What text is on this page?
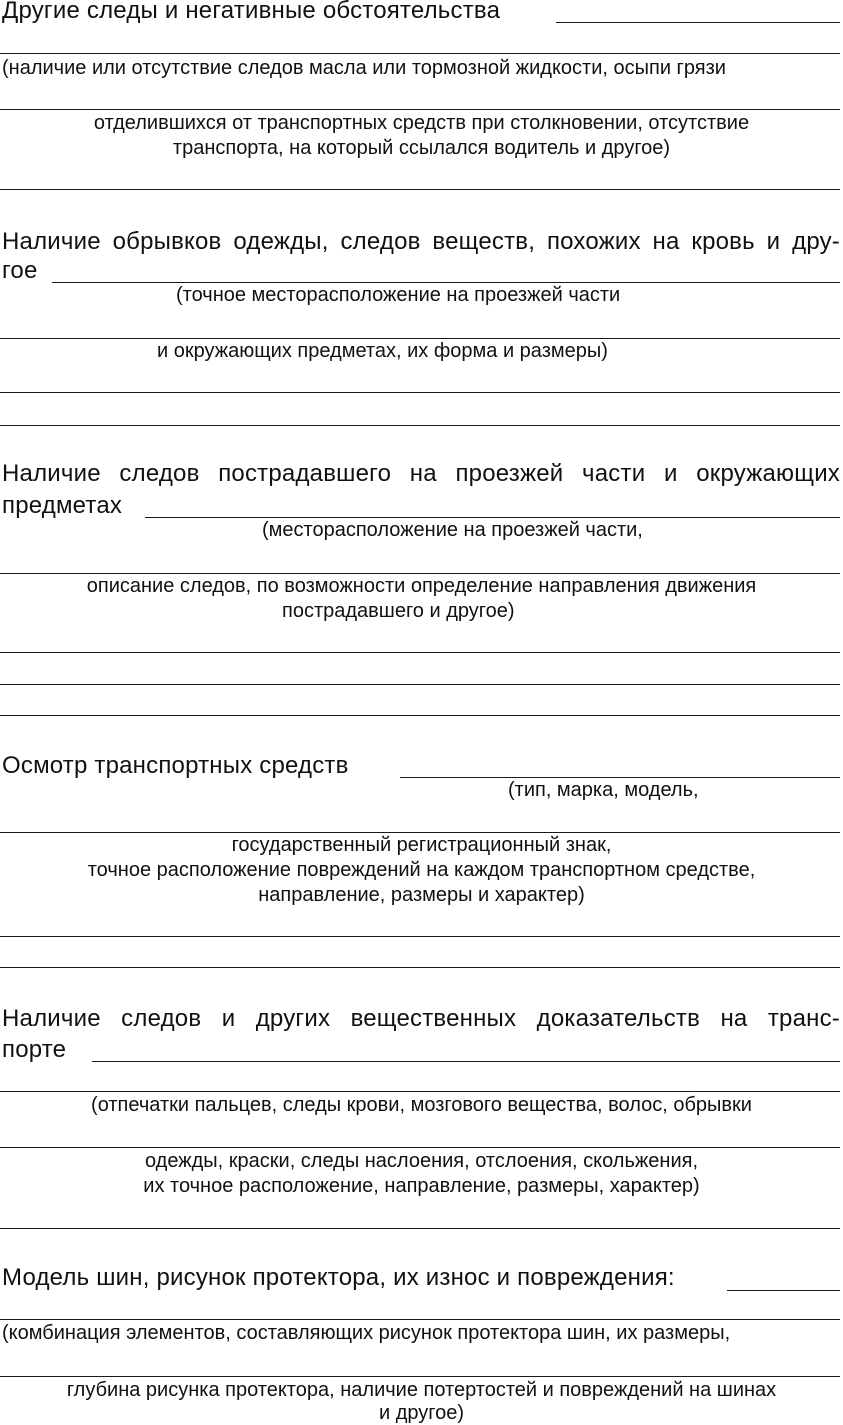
Другие следы и негативные обстоятельства
(наличие или отсутствие следов масла или тормозной жидкости, осыпи грязи
отделившихся от транспортных средств при столкновении, отсутствие
транспорта, на который ссылался водитель и другое)
Наличие обрывков одежды, следов веществ, похожих на кровь и дру-
гое
(точное месторасположение на проезжей части
и окружающих предметах, их форма и размеры)
Наличие следов пострадавшего на проезжей части и окружающих
предметах
(месторасположение на проезжей части,
описание следов, по возможности определение направления движения
пострадавшего и другое)
Осмотр транспортных средств
(тип, марка, модель,
государственный регистрационный знак,
точное расположение повреждений на каждом транспортном средстве,
направление, размеры и характер)
Наличие следов и других вещественных доказательств на транс-
порте
(отпечатки пальцев, следы крови, мозгового вещества, волос, обрывки
одежды, краски, следы наслоения, отслоения, скольжения,
их точное расположение, направление, размеры, характер)
Модель шин, рисунок протектора, их износ и повреждения:
(комбинация элементов, составляющих рисунок протектора шин, их размеры,
глубина рисунка протектора, наличие потертостей и повреждений на шинах
и другое)
